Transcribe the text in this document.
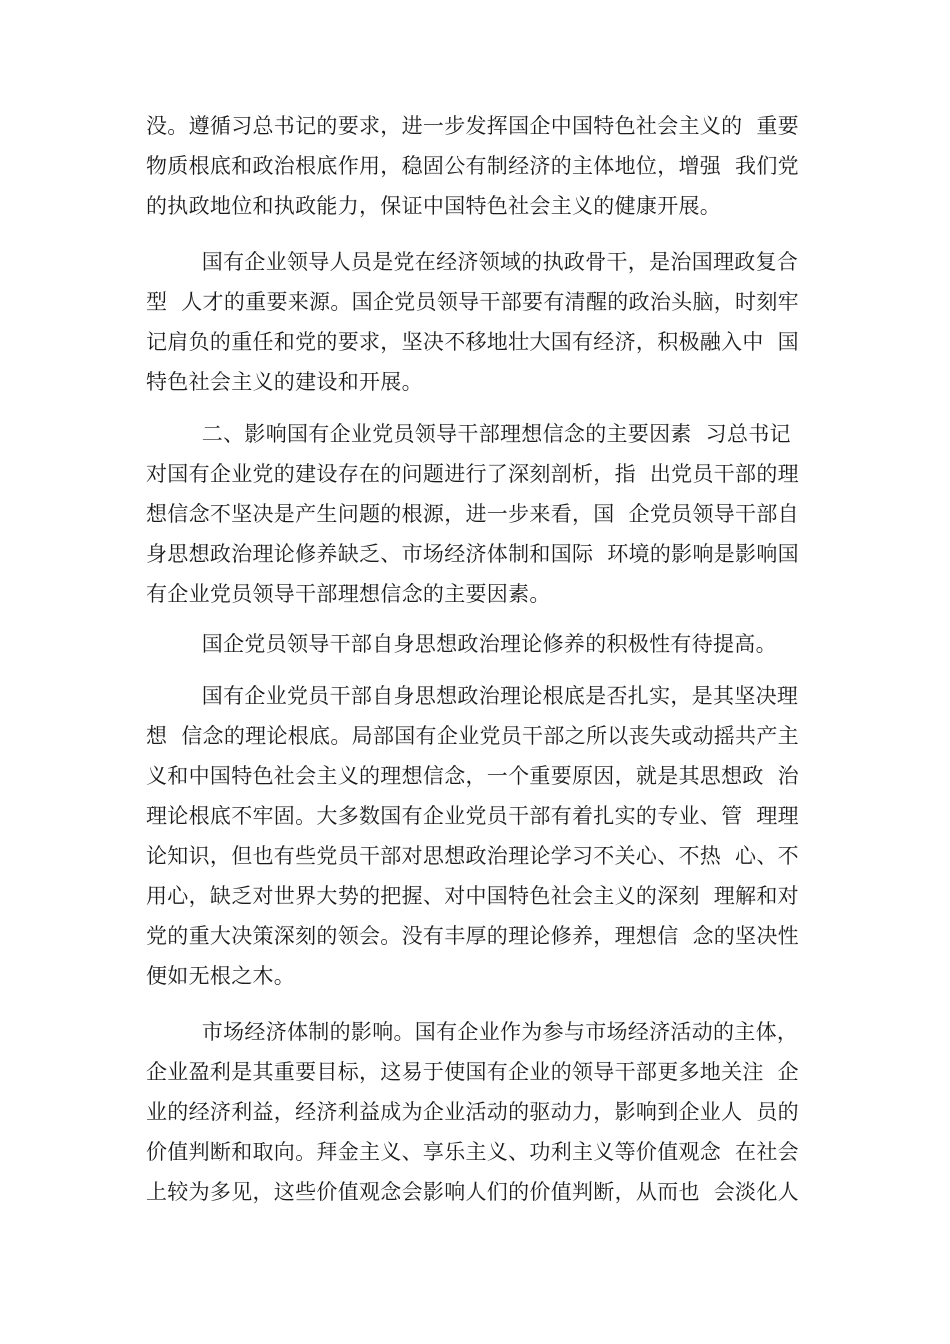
没。遵循习总书记的要求，进一步发挥国企中国特色社会主义的  重要
物质根底和政治根底作用，稳固公有制经济的主体地位，增强  我们党
的执政地位和执政能力，保证中国特色社会主义的健康开展。
国有企业领导人员是党在经济领域的执政骨干，是治国理政复合
型  人才的重要来源。国企党员领导干部要有清醒的政治头脑，时刻牢
记肩负的重任和党的要求，坚决不移地壮大国有经济，积极融入中  国
特色社会主义的建设和开展。
二、影响国有企业党员领导干部理想信念的主要因素  习总书记
对国有企业党的建设存在的问题进行了深刻剖析，指  出党员干部的理
想信念不坚决是产生问题的根源，进一步来看，国  企党员领导干部自
身思想政治理论修养缺乏、市场经济体制和国际  环境的影响是影响国
有企业党员领导干部理想信念的主要因素。
国企党员领导干部自身思想政治理论修养的积极性有待提高。
国有企业党员干部自身思想政治理论根底是否扎实，是其坚决理
想  信念的理论根底。局部国有企业党员干部之所以丧失或动摇共产主
义和中国特色社会主义的理想信念，一个重要原因，就是其思想政  治
理论根底不牢固。大多数国有企业党员干部有着扎实的专业、管  理理
论知识，但也有些党员干部对思想政治理论学习不关心、不热  心、不
用心，缺乏对世界大势的把握、对中国特色社会主义的深刻  理解和对
党的重大决策深刻的领会。没有丰厚的理论修养，理想信  念的坚决性
便如无根之木。
市场经济体制的影响。国有企业作为参与市场经济活动的主体，
企业盈利是其重要目标，这易于使国有企业的领导干部更多地关注  企
业的经济利益，经济利益成为企业活动的驱动力，影响到企业人  员的
价值判断和取向。拜金主义、享乐主义、功利主义等价值观念  在社会
上较为多见，这些价值观念会影响人们的价值判断，从而也  会淡化人
